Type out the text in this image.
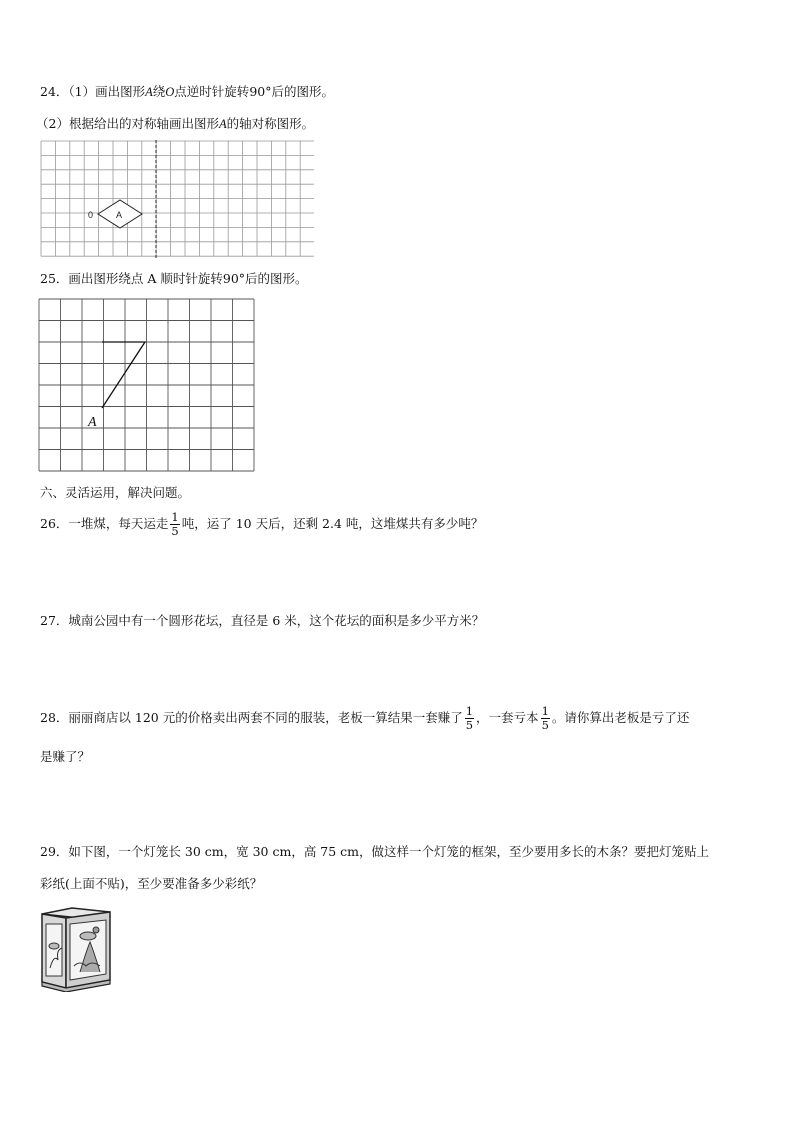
24．（1）画出图形A绕O点逆时针旋转90°后的图形。
（2）根据给出的对称轴画出图形A的轴对称图形。
A
0
25．画出图形绕点 A 顺时针旋转90°后的图形。
A
六、灵活运用，解决问题。
26．一堆煤，每天运走 $\frac{1}{5}$ 吨，运了 10 天后，还剩 2.4 吨，这堆煤共有多少吨？
27．城南公园中有一个圆形花坛，直径是 6 米，这个花坛的面积是多少平方米？
28．丽丽商店以 120 元的价格卖出两套不同的服装，老板一算结果一套赚了 $\frac{1}{5}$ ，一套亏本 $\frac{1}{5}$ 。请你算出老板是亏了还
是赚了？
29．如下图，一个灯笼长 30 cm，宽 30 cm，高 75 cm，做这样一个灯笼的框架，至少要用多长的木条？要把灯笼贴上
彩纸(上面不贴)，至少要准备多少彩纸？
